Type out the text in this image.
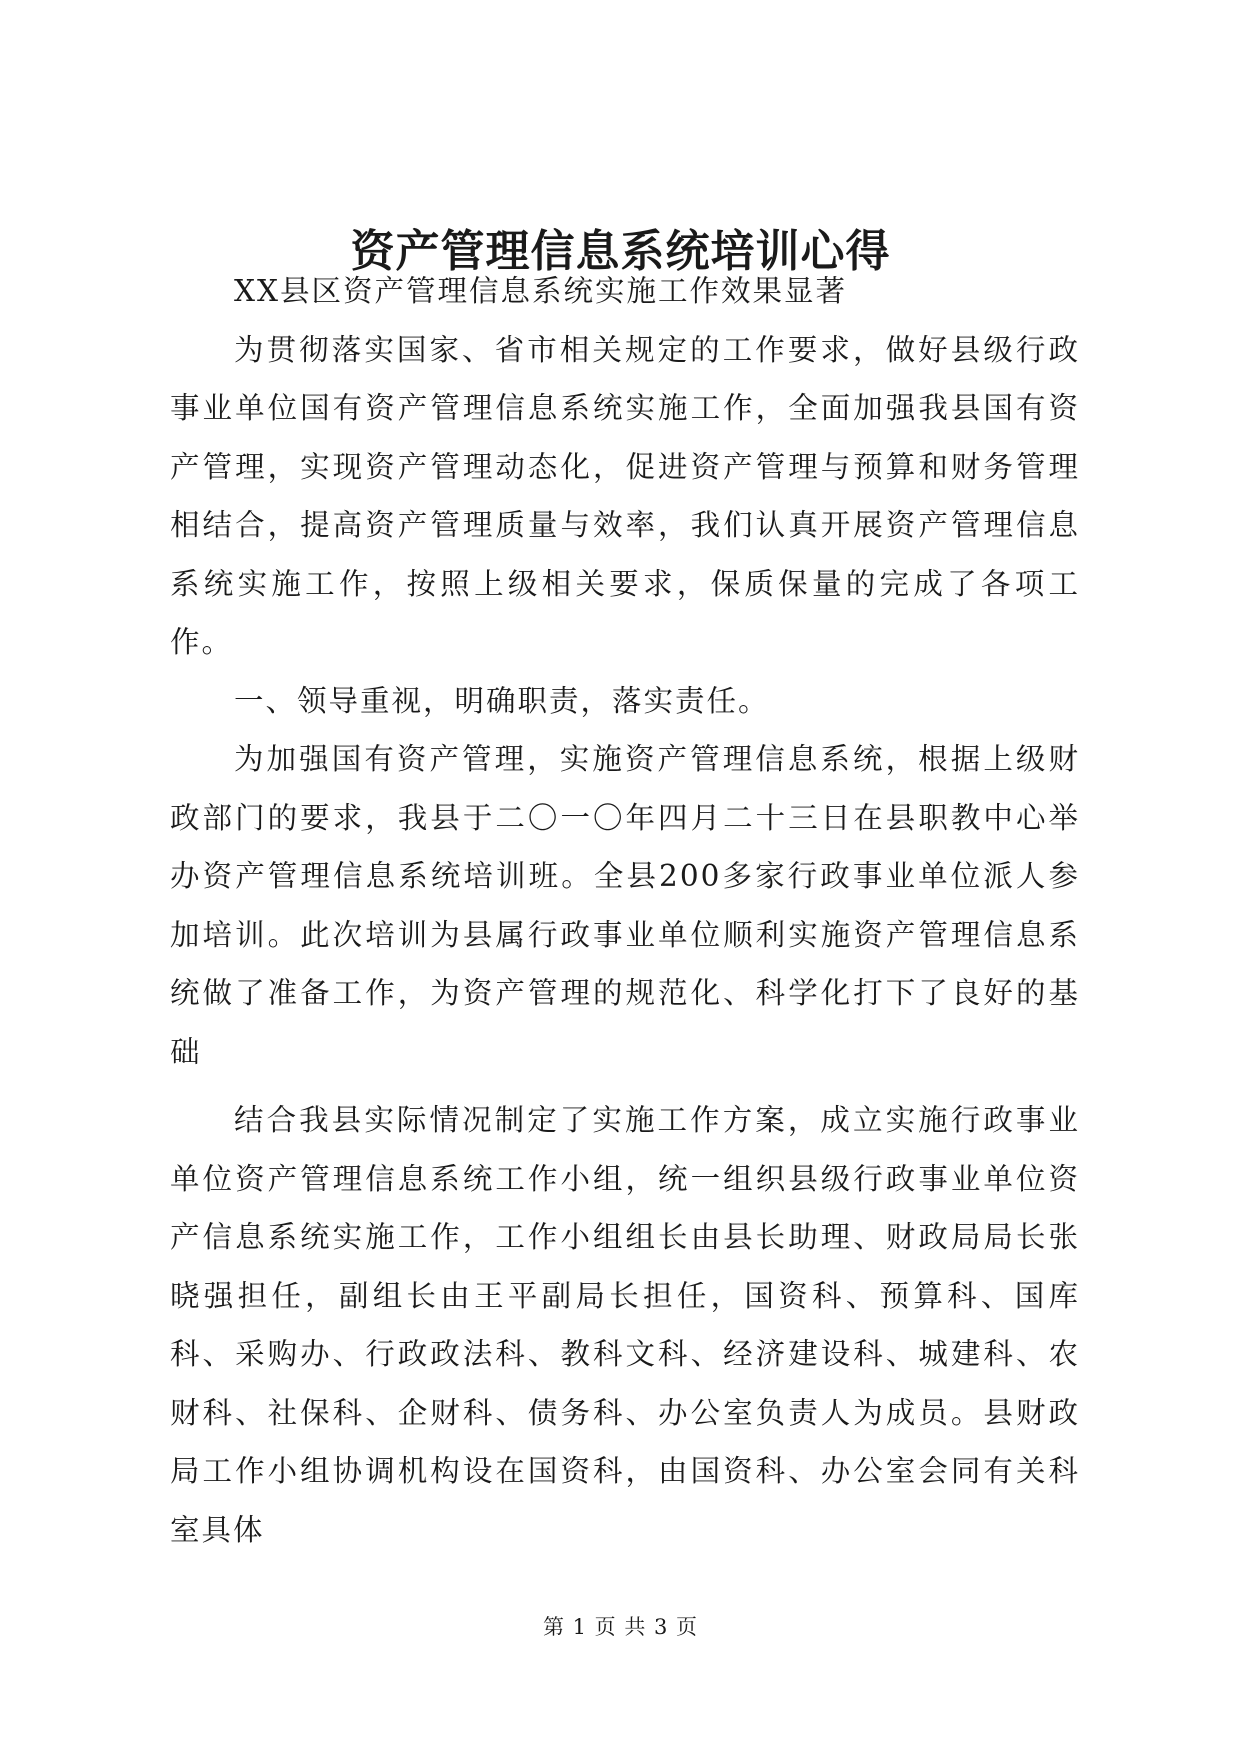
资产管理信息系统培训心得

XX县区资产管理信息系统实施工作效果显著

为贯彻落实国家、省市相关规定的工作要求，做好县级行政事业单位国有资产管理信息系统实施工作，全面加强我县国有资产管理，实现资产管理动态化，促进资产管理与预算和财务管理相结合，提高资产管理质量与效率，我们认真开展资产管理信息系统实施工作，按照上级相关要求，保质保量的完成了各项工作。

一、领导重视，明确职责，落实责任。

为加强国有资产管理，实施资产管理信息系统，根据上级财政部门的要求，我县于二〇一〇年四月二十三日在县职教中心举办资产管理信息系统培训班。全县200多家行政事业单位派人参加培训。此次培训为县属行政事业单位顺利实施资产管理信息系统做了准备工作，为资产管理的规范化、科学化打下了良好的基础

结合我县实际情况制定了实施工作方案，成立实施行政事业单位资产管理信息系统工作小组，统一组织县级行政事业单位资产信息系统实施工作，工作小组组长由县长助理、财政局局长张晓强担任，副组长由王平副局长担任，国资科、预算科、国库科、采购办、行政政法科、教科文科、经济建设科、城建科、农财科、社保科、企财科、债务科、办公室负责人为成员。县财政局工作小组协调机构设在国资科，由国资科、办公室会同有关科室具体

第 1 页 共 3 页
